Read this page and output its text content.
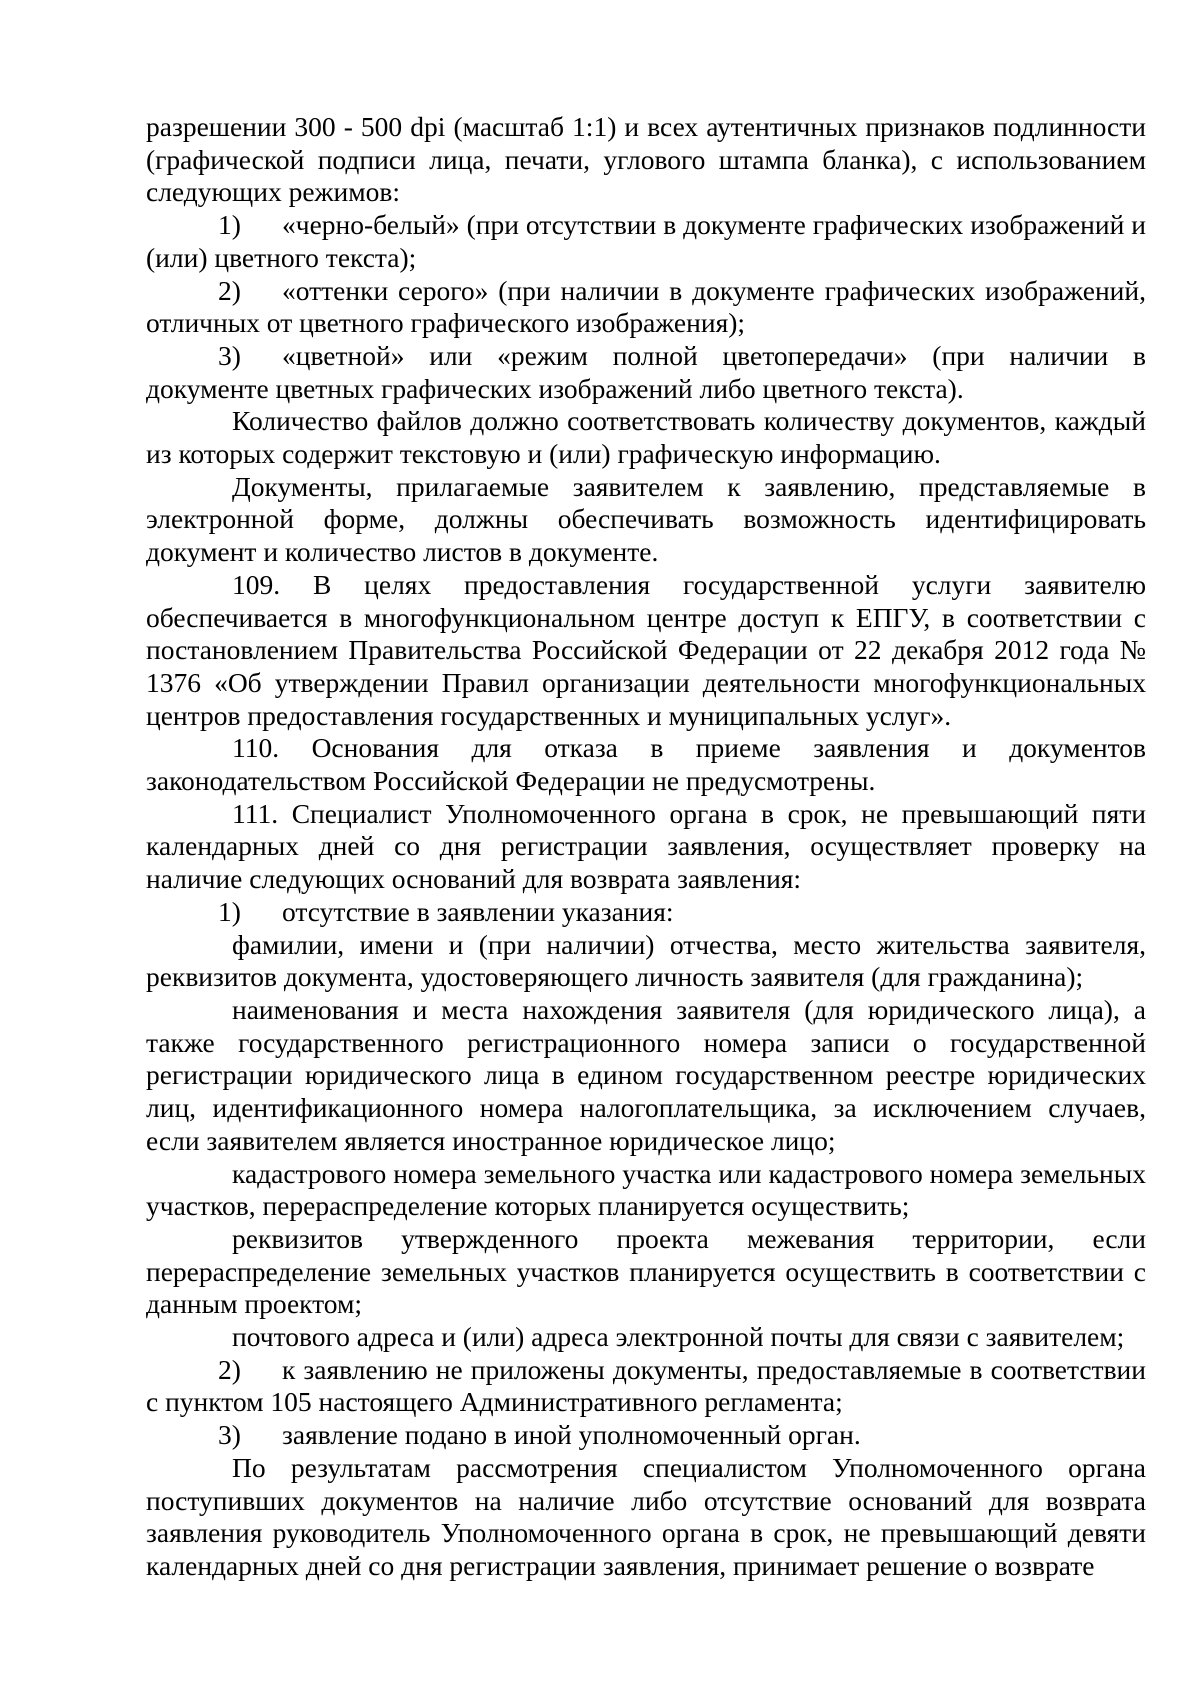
разрешении 300 - 500 dpi (масштаб 1:1) и всех аутентичных признаков подлинности (графической подписи лица, печати, углового штампа бланка), с использованием следующих режимов:

1) «черно-белый» (при отсутствии в документе графических изображений и (или) цветного текста);

2) «оттенки серого» (при наличии в документе графических изображений, отличных от цветного графического изображения);

3) «цветной» или «режим полной цветопередачи» (при наличии в документе цветных графических изображений либо цветного текста).

Количество файлов должно соответствовать количеству документов, каждый из которых содержит текстовую и (или) графическую информацию.

Документы, прилагаемые заявителем к заявлению, представляемые в электронной форме, должны обеспечивать возможность идентифицировать документ и количество листов в документе.

109. В целях предоставления государственной услуги заявителю обеспечивается в многофункциональном центре доступ к ЕПГУ, в соответствии с постановлением Правительства Российской Федерации от 22 декабря 2012 года № 1376 «Об утверждении Правил организации деятельности многофункциональных центров предоставления государственных и муниципальных услуг».

110. Основания для отказа в приеме заявления и документов законодательством Российской Федерации не предусмотрены.

111. Специалист Уполномоченного органа в срок, не превышающий пяти календарных дней со дня регистрации заявления, осуществляет проверку на наличие следующих оснований для возврата заявления:

1) отсутствие в заявлении указания:

фамилии, имени и (при наличии) отчества, место жительства заявителя, реквизитов документа, удостоверяющего личность заявителя (для гражданина);

наименования и места нахождения заявителя (для юридического лица), а также государственного регистрационного номера записи о государственной регистрации юридического лица в едином государственном реестре юридических лиц, идентификационного номера налогоплательщика, за исключением случаев, если заявителем является иностранное юридическое лицо;

кадастрового номера земельного участка или кадастрового номера земельных участков, перераспределение которых планируется осуществить;

реквизитов утвержденного проекта межевания территории, если перераспределение земельных участков планируется осуществить в соответствии с данным проектом;

почтового адреса и (или) адреса электронной почты для связи с заявителем;

2) к заявлению не приложены документы, предоставляемые в соответствии с пунктом 105 настоящего Административного регламента;

3) заявление подано в иной уполномоченный орган.

По результатам рассмотрения специалистом Уполномоченного органа поступивших документов на наличие либо отсутствие оснований для возврата заявления руководитель Уполномоченного органа в срок, не превышающий девяти календарных дней со дня регистрации заявления, принимает решение о возврате
